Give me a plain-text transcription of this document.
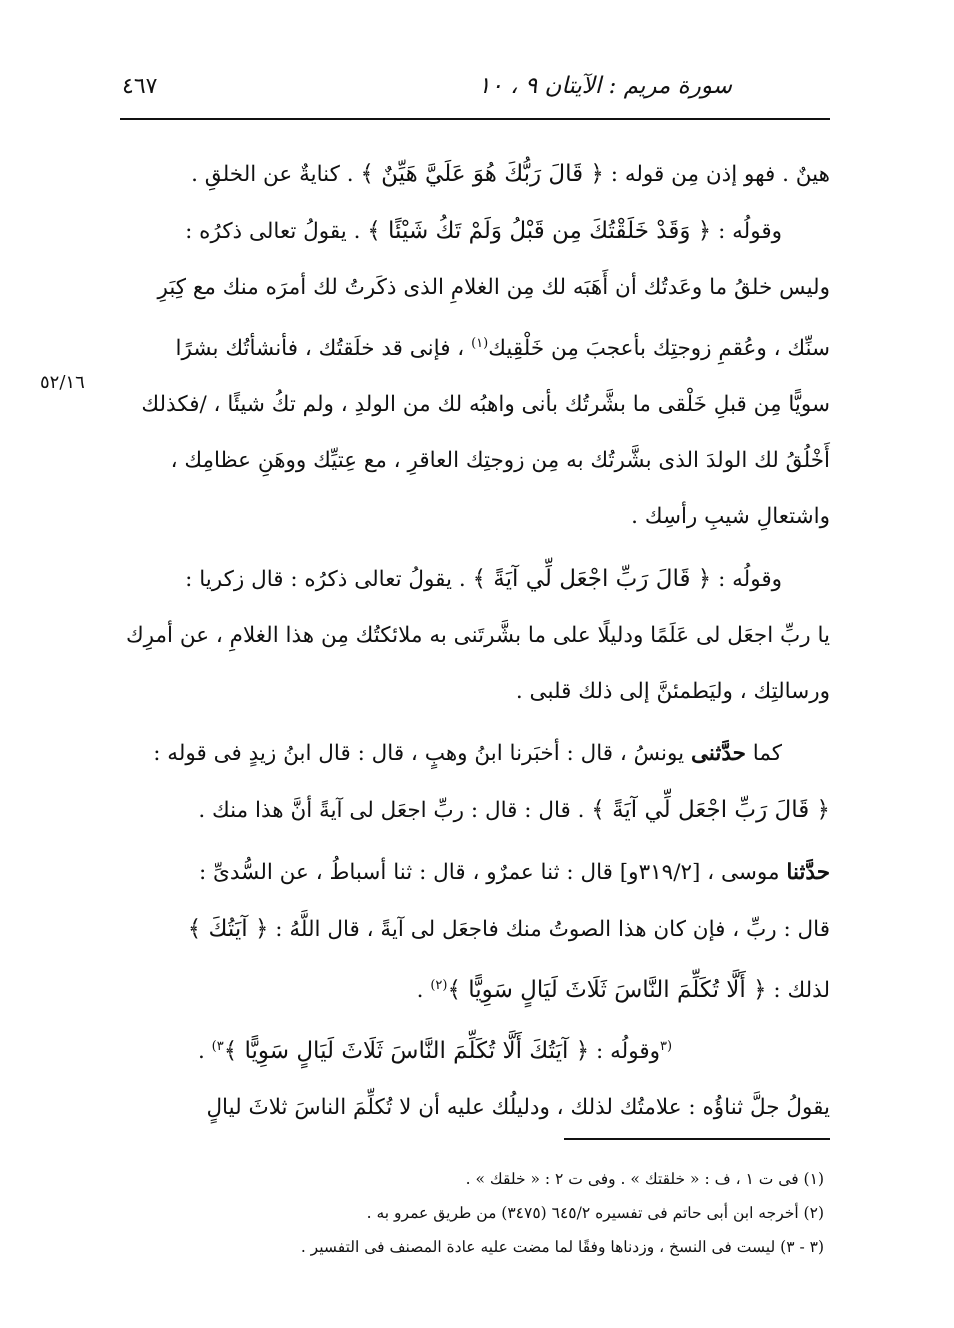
سورة مريم : الآيتان ٩ ، ١٠
٤٦٧
٥٢/١٦

هينٌ . فهو إذن مِن قوله : ﴿ قَالَ رَبُّكَ هُوَ عَلَيَّ هَيِّنٌ ﴾ . كنايةٌ عن الخلقِ .

وقولُه : ﴿ وَقَدْ خَلَقْتُكَ مِن قَبْلُ وَلَمْ تَكُ شَيْئًا ﴾ . يقولُ تعالى ذكرُه :

وليس خلقُ ما وعَدتُك أن أَهَبَه لك مِن الغلامِ الذى ذكَرتُ لك أمرَه منك مع كِبَرِ

سنِّك ، وعُقمِ زوجتِك بأعجبَ مِن خَلْقِيك$^{(١)}$ ، فإنى قد خلَقتُك ، فأنشأتُك بشرًا

سويًّا مِن قبلِ خَلْقى ما بشَّرتُك بأنى واهبُه لك من الولدِ ، ولم تكُ شيئًا ، /فكذلك

أَخْلُقُ لك الولدَ الذى بشَّرتُك به مِن زوجتِك العاقرِ ، مع عِتيِّك ووهَنِ عظامِك ،

واشتعالِ شيبِ رأسِك .

وقولُه : ﴿ قَالَ رَبِّ اجْعَل لِّي آيَةً ﴾ . يقولُ تعالى ذكرُه : قال زكريا :

يا ربِّ اجعَل لى عَلَمًا ودليلًا على ما بشَّرتَنى به ملائكتُك مِن هذا الغلامِ ، عن أمرِك

ورسالتِك ، وليَطمئنَّ إلى ذلك قلبى .

كما حدَّثنى يونسُ ، قال : أخبَرنا ابنُ وهبٍ ، قال : قال ابنُ زيدٍ فى قوله :

﴿ قَالَ رَبِّ اجْعَل لِّي آيَةً ﴾ . قال : قال : ربِّ اجعَل لى آيةً أنَّ هذا منك .

حدَّثنا موسى ، [٣١٩/٢و] قال : ثنا عمرٌو ، قال : ثنا أسباطُ ، عن السُّدىِّ :

قال : ربِّ ، فإن كان هذا الصوتُ منك فاجعَل لى آيةً ، قال اللَّهُ : ﴿ آيَتُكَ ﴾

لذلك : ﴿ أَلَّا تُكَلِّمَ النَّاسَ ثَلَاثَ لَيَالٍ سَوِيًّا ﴾$^{(٢)}$ .

$^{(٣}$وقولُه : ﴿ آيَتُكَ أَلَّا تُكَلِّمَ النَّاسَ ثَلَاثَ لَيَالٍ سَوِيًّا ﴾$^{٣)}$ .

يقولُ جلَّ ثناؤُه : علامتُك لذلك ، ودليلُك عليه أن لا تُكلِّمَ الناسَ ثلاثَ ليالٍ

(١) فى ت ١ ، ف : « خلقتك » . وفى ت ٢ : « خلقك » .
(٢) أخرجه ابن أبى حاتم فى تفسيره ٦٤٥/٢ (٣٤٧٥) من طريق عمرو به .
(٣ - ٣) ليست فى النسخ ، وزدناها وفقًا لما مضت عليه عادة المصنف فى التفسير .
